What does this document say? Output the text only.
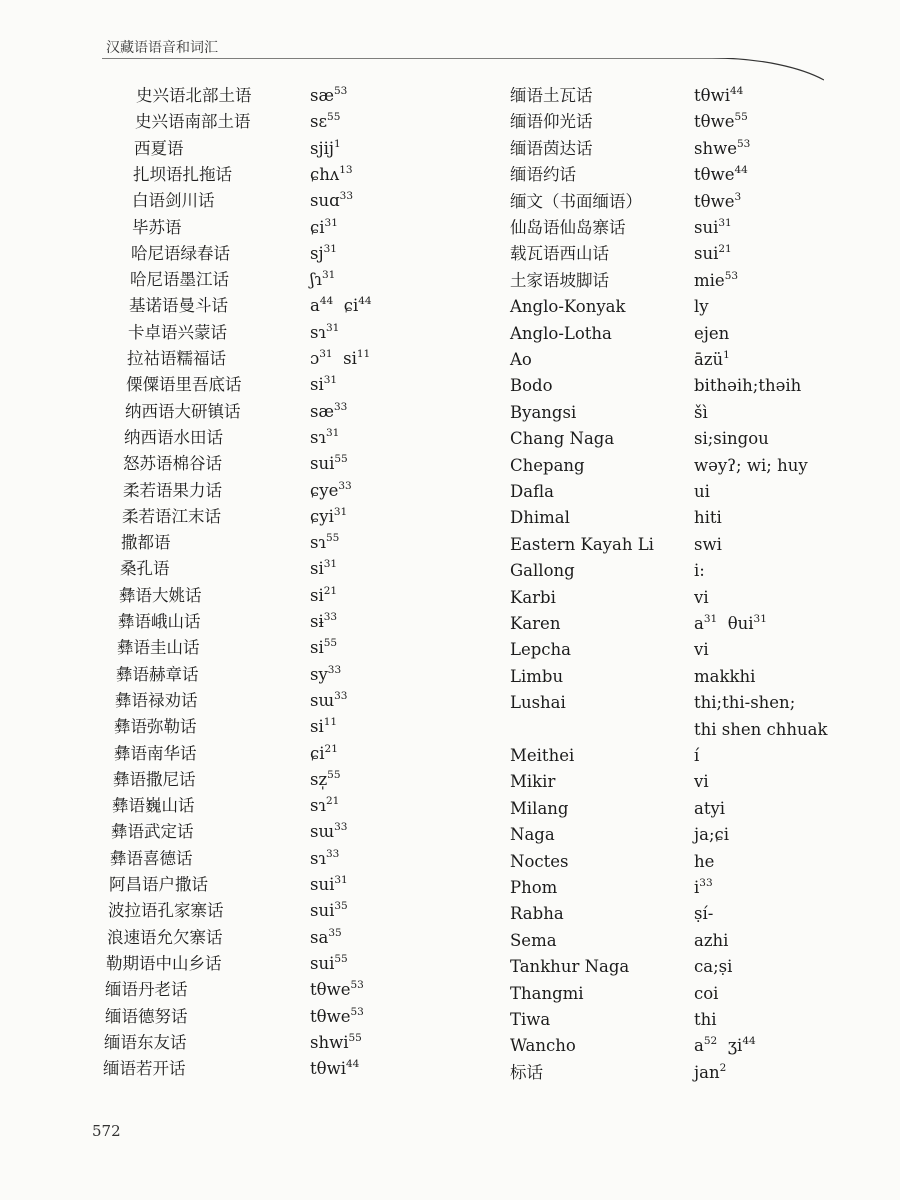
汉藏语语音和词汇
史兴语北部土语	$sæ^{53}$
史兴语南部土语	sɛ$^{55}$
西夏语	sjij$^1$
扎坝语扎拖话	ɕhʌ$^{13}$
白语剑川话	suɑ$^{33}$
毕苏语	ɕi$^{31}$
哈尼语绿春话	$sj^{31}$
哈尼语墨江话	ʃɿ$^{31}$
基诺语曼斗话	$a^{44}$  ɕi$^{44}$
卡卓语兴蒙话	sɿ$^{31}$
拉祜语糯福话	ɔ$^{31}$  $si^{11}$
傈僳语里吾底话	$si^{31}$
纳西语大研镇话	$sæ^{33}$
纳西语水田话	sɿ$^{31}$
怒苏语棉谷话	sui$^{55}$
柔若语果力话	ɕye$^{33}$
柔若语江末话	ɕyi$^{31}$
撒都语	sɿ$^{55}$
桑孔语	$si^{31}$
彝语大姚话	$si^{21}$
彝语峨山话	sɨ$^{33}$
彝语圭山话	$si^{55}$
彝语赫章话	$sy^{33}$
彝语禄劝话	sɯ$^{33}$
彝语弥勒话	$si^{11}$
彝语南华话	ɕi$^{21}$
彝语撒尼话	sz̩$^{55}$
彝语巍山话	sɿ$^{21}$
彝语武定话	sɯ$^{33}$
彝语喜德话	sɿ$^{33}$
阿昌语户撒话	sui$^{31}$
波拉语孔家寨话	sui$^{35}$
浪速语允欠寨话	$sa^{35}$
勒期语中山乡话	sui$^{55}$
缅语丹老话	tθwe$^{53}$
缅语德努话	tθwe$^{53}$
缅语东友话	shwi$^{55}$
缅语若开话	tθwi$^{44}$
缅语土瓦话	tθwi$^{44}$
缅语仰光话	tθwe$^{55}$
缅语茵达话	shwe$^{53}$
缅语约话	tθwe$^{44}$
缅文（书面缅语）	tθwe$^3$
仙岛语仙岛寨话	sui$^{31}$
载瓦语西山话	sui$^{21}$
土家语坡脚话	mie$^{53}$
Anglo-Konyak	ly
Anglo-Lotha	ejen
Ao	āzü$^1$
Bodo	bithəih;thəih
Byangsi	šì
Chang Naga	si;singou
Chepang	wəyʔ; wi; huy
Dafla	ui
Dhimal	hiti
Eastern Kayah Li swi
Gallong	i:
Karbi	vi
Karen	$a^{31}$  θui$^{31}$
Lepcha	vi
Limbu	makkhi
Lushai	thi;thi-shen;
thi shen chhuak
Meithei	í
Mikir	vi
Milang	atyi
Naga	ja;ɕi
Noctes	he
Phom	$i^{33}$
Rabha	ṣí-
Sema	azhi
Tankhur Naga	ca;ṣi
Thangmi	coi
Tiwa	thi
Wancho	$a^{52}$  ʒi$^{44}$
标话	jan$^2$
572
